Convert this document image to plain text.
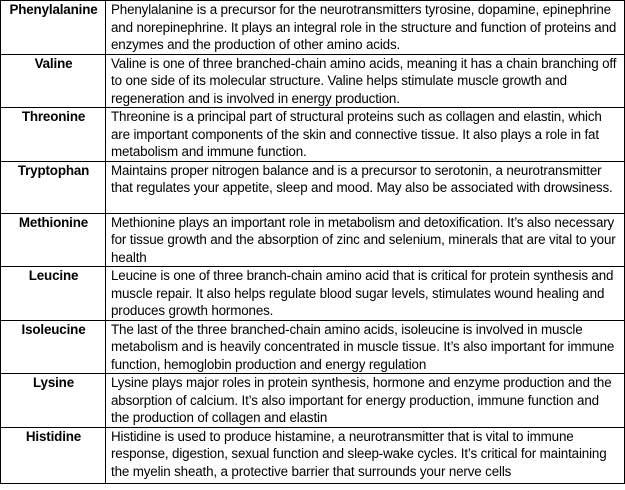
Phenylalanine	Phenylalanine is a precursor for the neurotransmitters tyrosine, dopamine, epinephrine and norepinephrine. It plays an integral role in the structure and function of proteins and enzymes and the production of other amino acids.
Valine	Valine is one of three branched-chain amino acids, meaning it has a chain branching off to one side of its molecular structure. Valine helps stimulate muscle growth and regeneration and is involved in energy production.
Threonine	Threonine is a principal part of structural proteins such as collagen and elastin, which are important components of the skin and connective tissue. It also plays a role in fat metabolism and immune function.
Tryptophan	Maintains proper nitrogen balance and is a precursor to serotonin, a neurotransmitter that regulates your appetite, sleep and mood. May also be associated with drowsiness.
Methionine	Methionine plays an important role in metabolism and detoxification. It’s also necessary for tissue growth and the absorption of zinc and selenium, minerals that are vital to your health
Leucine	Leucine is one of three branch-chain amino acid that is critical for protein synthesis and muscle repair. It also helps regulate blood sugar levels, stimulates wound healing and produces growth hormones.
Isoleucine	The last of the three branched-chain amino acids, isoleucine is involved in muscle metabolism and is heavily concentrated in muscle tissue. It’s also important for immune function, hemoglobin production and energy regulation
Lysine	Lysine plays major roles in protein synthesis, hormone and enzyme production and the absorption of calcium. It’s also important for energy production, immune function and the production of collagen and elastin
Histidine	Histidine is used to produce histamine, a neurotransmitter that is vital to immune response, digestion, sexual function and sleep-wake cycles. It’s critical for maintaining the myelin sheath, a protective barrier that surrounds your nerve cells
